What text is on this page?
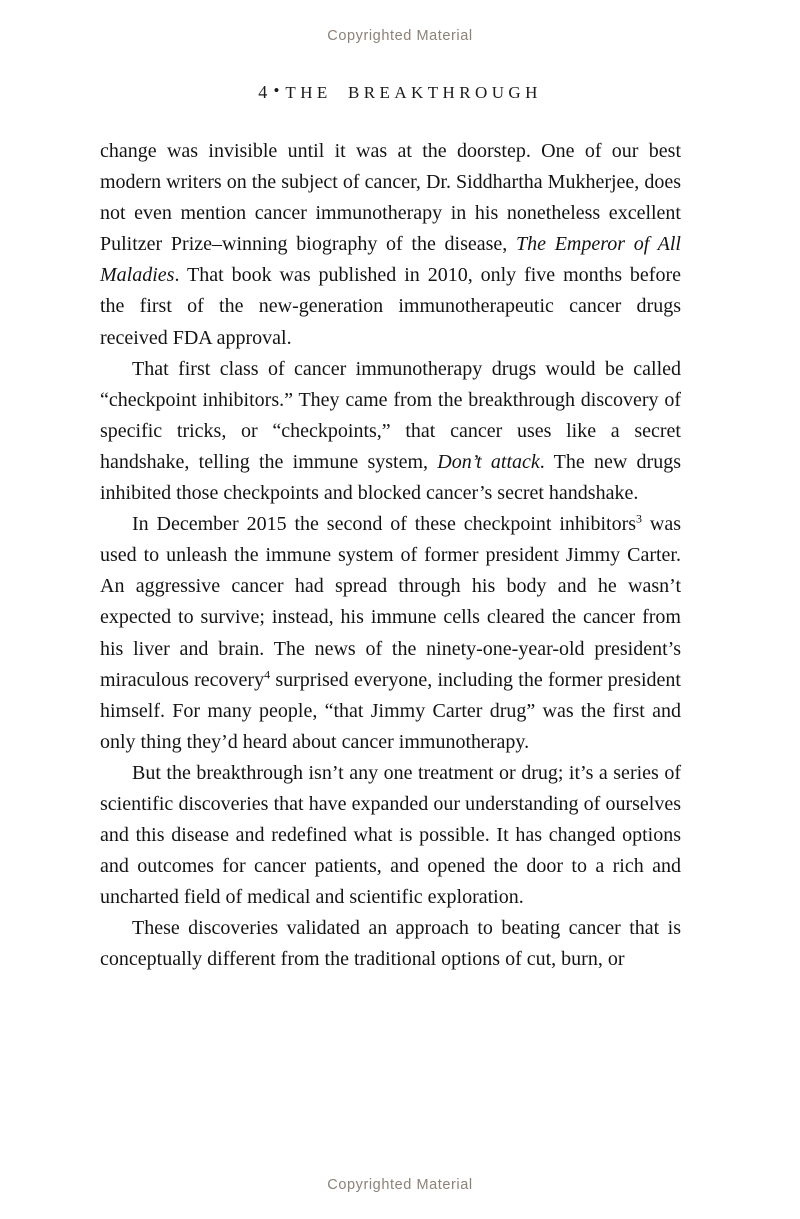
Copyrighted Material
4•THE BREAKTHROUGH

change was invisible until it was at the doorstep. One of our best modern writers on the subject of cancer, Dr. Siddhartha Mukherjee, does not even mention cancer immunotherapy in his nonetheless excellent Pulitzer Prize–winning biography of the disease, The Emperor of All Maladies. That book was published in 2010, only five months before the first of the new-generation immunotherapeutic cancer drugs received FDA approval.

That first class of cancer immunotherapy drugs would be called “checkpoint inhibitors.” They came from the breakthrough discovery of specific tricks, or “checkpoints,” that cancer uses like a secret handshake, telling the immune system, Don’t attack. The new drugs inhibited those checkpoints and blocked cancer’s secret handshake.

In December 2015 the second of these checkpoint inhibitors$^3$ was used to unleash the immune system of former president Jimmy Carter. An aggressive cancer had spread through his body and he wasn’t expected to survive; instead, his immune cells cleared the cancer from his liver and brain. The news of the ninety-one-year-old president’s miraculous recovery$^4$ surprised everyone, including the former president himself. For many people, “that Jimmy Carter drug” was the first and only thing they’d heard about cancer immunotherapy.

But the breakthrough isn’t any one treatment or drug; it’s a series of scientific discoveries that have expanded our understanding of ourselves and this disease and redefined what is possible. It has changed options and outcomes for cancer patients, and opened the door to a rich and uncharted field of medical and scientific exploration.

These discoveries validated an approach to beating cancer that is conceptually different from the traditional options of cut, burn, or

Copyrighted Material
